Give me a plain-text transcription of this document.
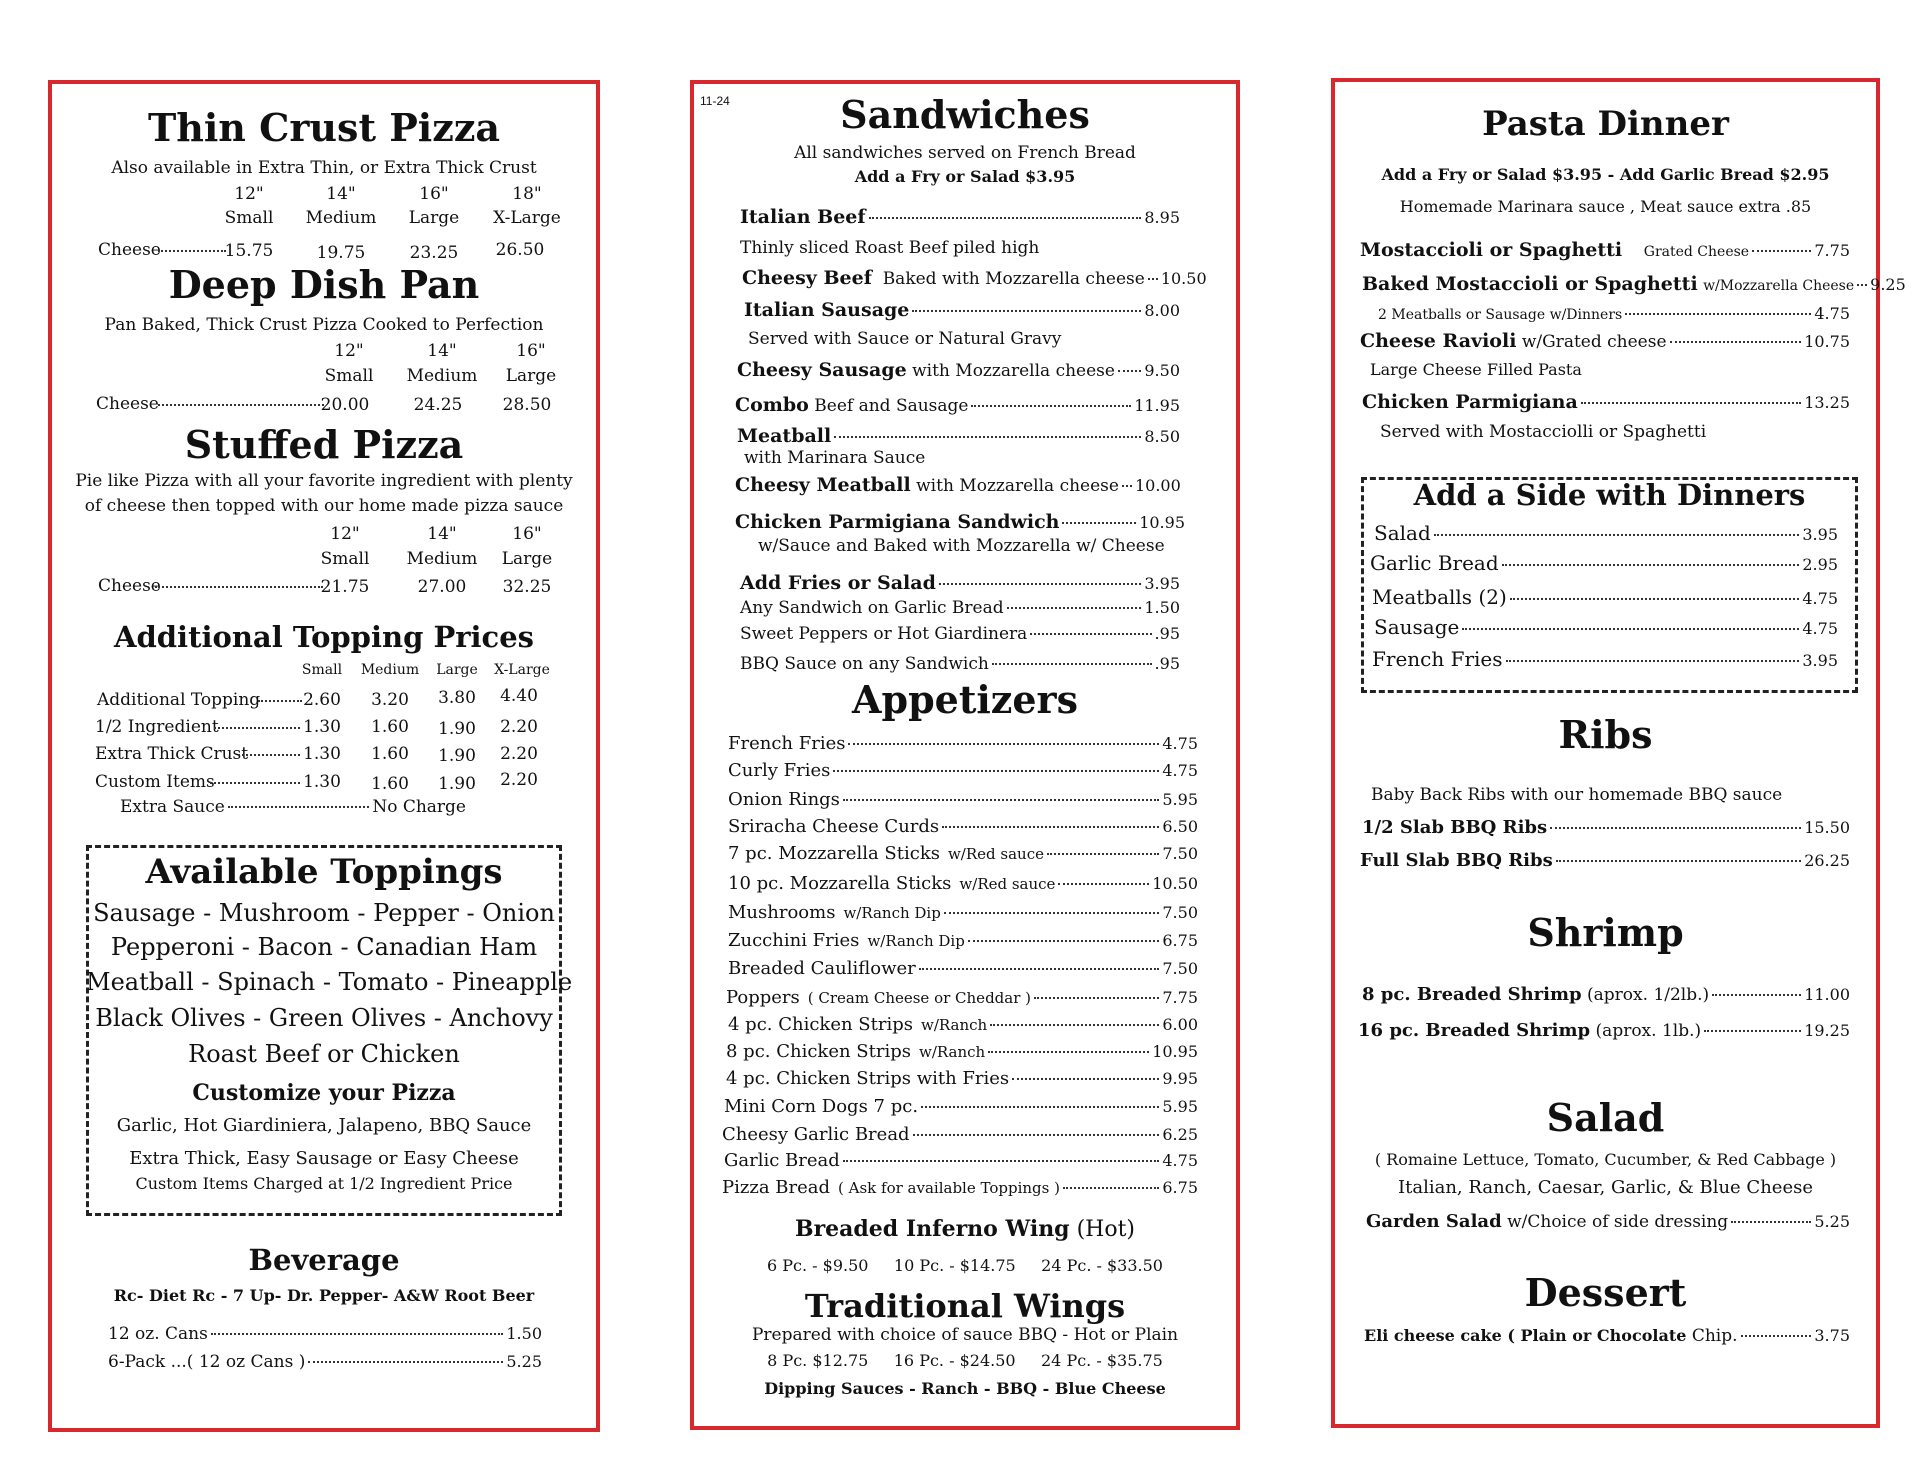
Thin Crust Pizza
Also available in Extra Thin, or Extra Thick Crust
12"	14"	16"	18"
Small	Medium	Large	X-Large
Cheese	15.75	19.75	23.25	26.50
Deep Dish Pan
Pan Baked, Thick Crust Pizza Cooked to Perfection
12"	14"	16"
Small	Medium	Large
Cheese	20.00	24.25	28.50
Stuffed Pizza
Pie like Pizza with all your favorite ingredient with plenty
of cheese then topped with our home made pizza sauce
12"	14"	16"
Small	Medium	Large
Cheese	21.75	27.00	32.25
Additional Topping Prices
Small	Medium	Large	X-Large
Additional Topping	2.60	3.20	3.80	4.40
1/2 Ingredient	1.30	1.60	1.90	2.20
Extra Thick Crust	1.30	1.60	1.90	2.20
Custom Items	1.30	1.60	1.90	2.20
Extra Sauce	No Charge
Available Toppings
Sausage - Mushroom - Pepper - Onion
Pepperoni - Bacon - Canadian Ham
Meatball - Spinach - Tomato - Pineapple
Black Olives - Green Olives - Anchovy
Roast Beef or Chicken
Customize your Pizza
Garlic, Hot Giardiniera, Jalapeno, BBQ Sauce
Extra Thick, Easy Sausage or Easy Cheese
Custom Items Charged at 1/2 Ingredient Price
Beverage
Rc- Diet Rc - 7 Up- Dr. Pepper- A&W Root Beer
12 oz. Cans	1.50
6-Pack ...( 12 oz Cans )	5.25
11-24	Sandwiches
All sandwiches served on French Bread
Add a Fry or Salad $3.95
Italian Beef	8.95
Thinly sliced Roast Beef piled high
Cheesy Beef Baked with Mozzarella cheese 10.50
Italian Sausage	8.00
Served with Sauce or Natural Gravy
Cheesy Sausage with Mozzarella cheese 9.50
Combo Beef and Sausage	11.95
Meatball	8.50
with Marinara Sauce
Cheesy Meatball with Mozzarella cheese 10.00
Chicken Parmigiana Sandwich	10.95
w/Sauce and Baked with Mozzarella w/ Cheese
Add Fries or Salad	3.95
Any Sandwich on Garlic Bread	1.50
Sweet Peppers or Hot Giardinera	.95
BBQ Sauce on any Sandwich	.95
Appetizers
French Fries	4.75
Curly Fries	4.75
Onion Rings	5.95
Sriracha Cheese Curds	6.50
7 pc. Mozzarella Sticks w/Red sauce	7.50
10 pc. Mozzarella Sticks w/Red sauce	10.50
Mushrooms w/Ranch Dip	7.50
Zucchini Fries w/Ranch Dip	6.75
Breaded Cauliflower	7.50
Poppers ( Cream Cheese or Cheddar )	7.75
4 pc. Chicken Strips w/Ranch	6.00
8 pc. Chicken Strips w/Ranch	10.95
4 pc. Chicken Strips with Fries	9.95
Mini Corn Dogs 7 pc.	5.95
Cheesy Garlic Bread	6.25
Garlic Bread	4.75
Pizza Bread ( Ask for available Toppings )	6.75
Breaded Inferno Wing (Hot)
6 Pc. - $9.50     10 Pc. - $14.75     24 Pc. - $33.50
Traditional Wings
Prepared with choice of sauce BBQ - Hot or Plain
8 Pc. $12.75     16 Pc. - $24.50     24 Pc. - $35.75
Dipping Sauces - Ranch - BBQ - Blue Cheese
Pasta Dinner
Add a Fry or Salad $3.95 - Add Garlic Bread $2.95
Homemade Marinara sauce , Meat sauce extra .85
Mostaccioli or Spaghetti Grated Cheese	7.75
Baked Mostaccioli or Spaghetti w/Mozzarella Cheese 9.25
2 Meatballs or Sausage w/Dinners	4.75
Cheese Ravioli w/Grated cheese	10.75
Large Cheese Filled Pasta
Chicken Parmigiana	13.25
Served with Mostacciolli or Spaghetti
Add a Side with Dinners
Salad	3.95
Garlic Bread	2.95
Meatballs (2)	4.75
Sausage	4.75
French Fries	3.95
Ribs
Baby Back Ribs with our homemade BBQ sauce
1/2 Slab BBQ Ribs	15.50
Full Slab BBQ Ribs	26.25
Shrimp
8 pc. Breaded Shrimp (aprox. 1/2lb.)	11.00
16 pc. Breaded Shrimp (aprox. 1lb.)	19.25
Salad
( Romaine Lettuce, Tomato, Cucumber, & Red Cabbage )
Italian, Ranch, Caesar, Garlic, & Blue Cheese
Garden Salad w/Choice of side dressing	5.25
Dessert
Eli cheese cake ( Plain or Chocolate Chip.	3.75
